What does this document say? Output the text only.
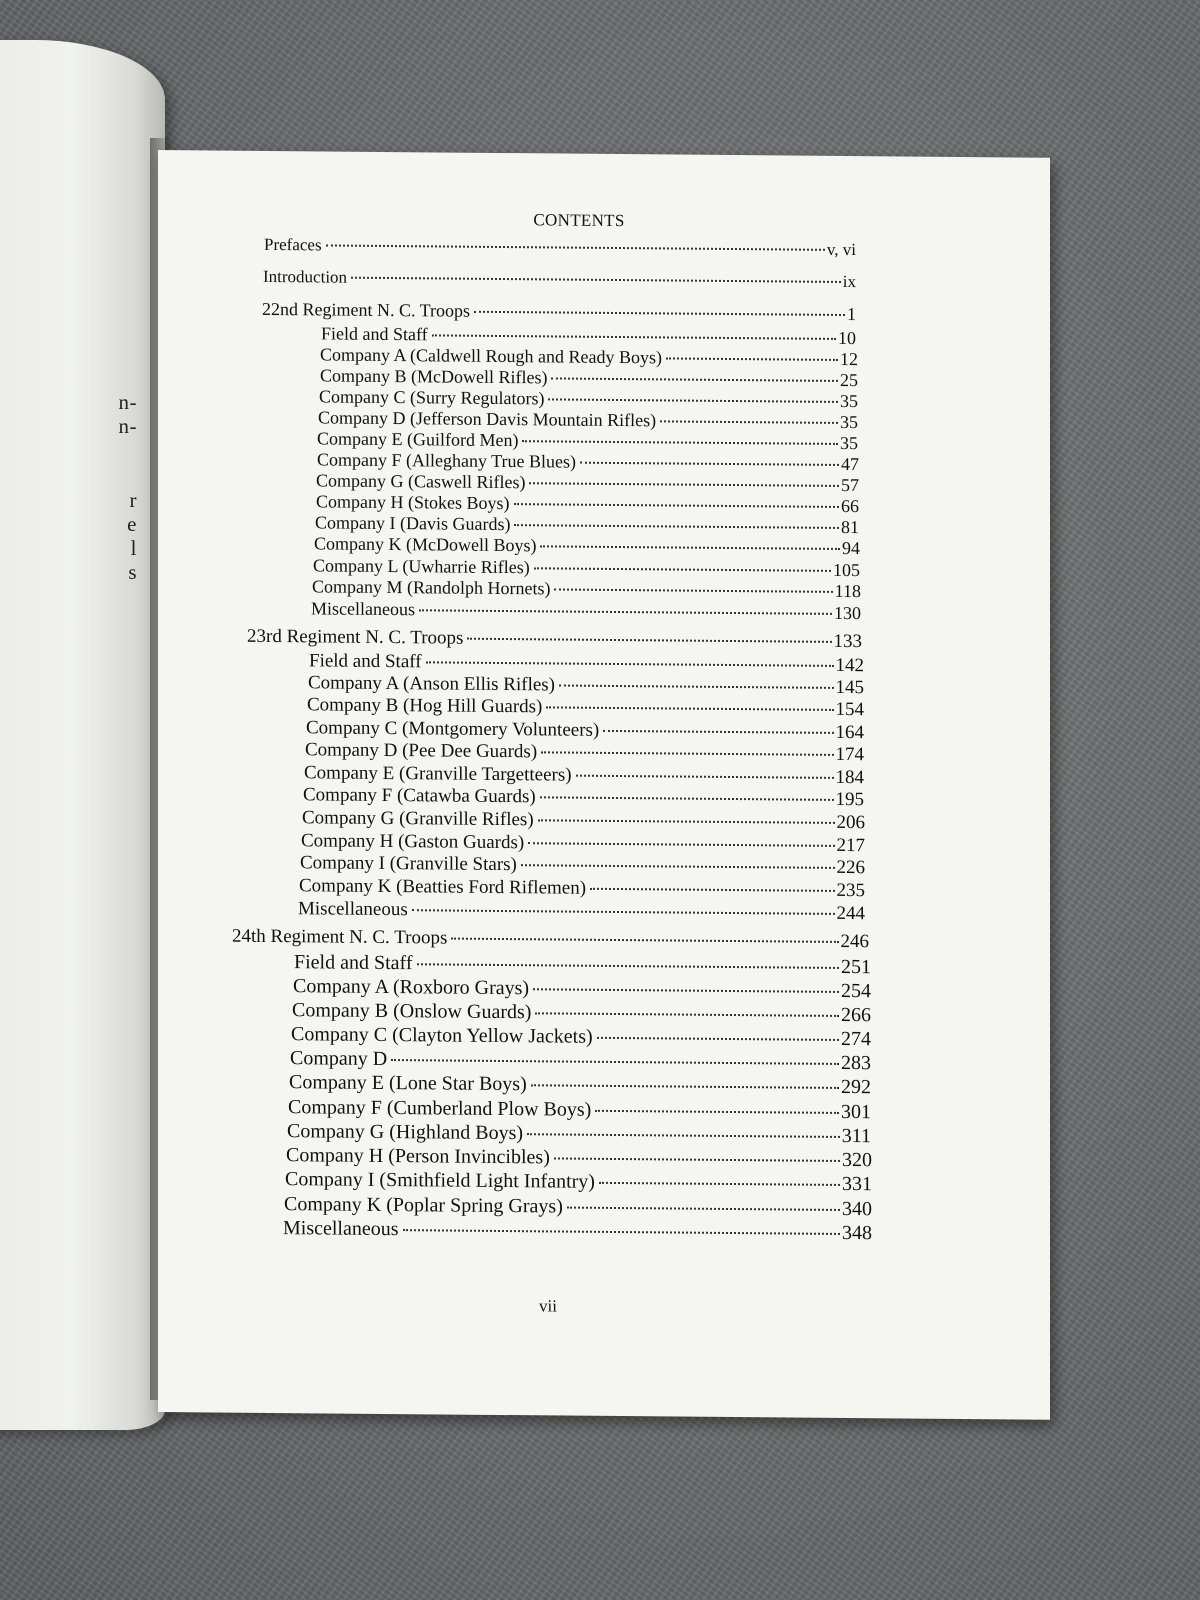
n-
n-
r
e
l
s
CONTENTS
Prefaces	v, vi
Introduction	ix
22nd Regiment N. C. Troops	1
Field and Staff	10
Company A (Caldwell Rough and Ready Boys)	12
Company B (McDowell Rifles)	25
Company C (Surry Regulators)	35
Company D (Jefferson Davis Mountain Rifles)	35
Company E (Guilford Men)	35
Company F (Alleghany True Blues)	47
Company G (Caswell Rifles)	57
Company H (Stokes Boys)	66
Company I (Davis Guards)	81
Company K (McDowell Boys)	94
Company L (Uwharrie Rifles)	105
Company M (Randolph Hornets)	118
Miscellaneous	130
23rd Regiment N. C. Troops	133
Field and Staff	142
Company A (Anson Ellis Rifles)	145
Company B (Hog Hill Guards)	154
Company C (Montgomery Volunteers)	164
Company D (Pee Dee Guards)	174
Company E (Granville Targetteers)	184
Company F (Catawba Guards)	195
Company G (Granville Rifles)	206
Company H (Gaston Guards)	217
Company I (Granville Stars)	226
Company K (Beatties Ford Riflemen)	235
Miscellaneous	244
24th Regiment N. C. Troops	246
Field and Staff	251
Company A (Roxboro Grays)	254
Company B (Onslow Guards)	266
Company C (Clayton Yellow Jackets)	274
Company D	283
Company E (Lone Star Boys)	292
Company F (Cumberland Plow Boys)	301
Company G (Highland Boys)	311
Company H (Person Invincibles)	320
Company I (Smithfield Light Infantry)	331
Company K (Poplar Spring Grays)	340
Miscellaneous	348
vii
